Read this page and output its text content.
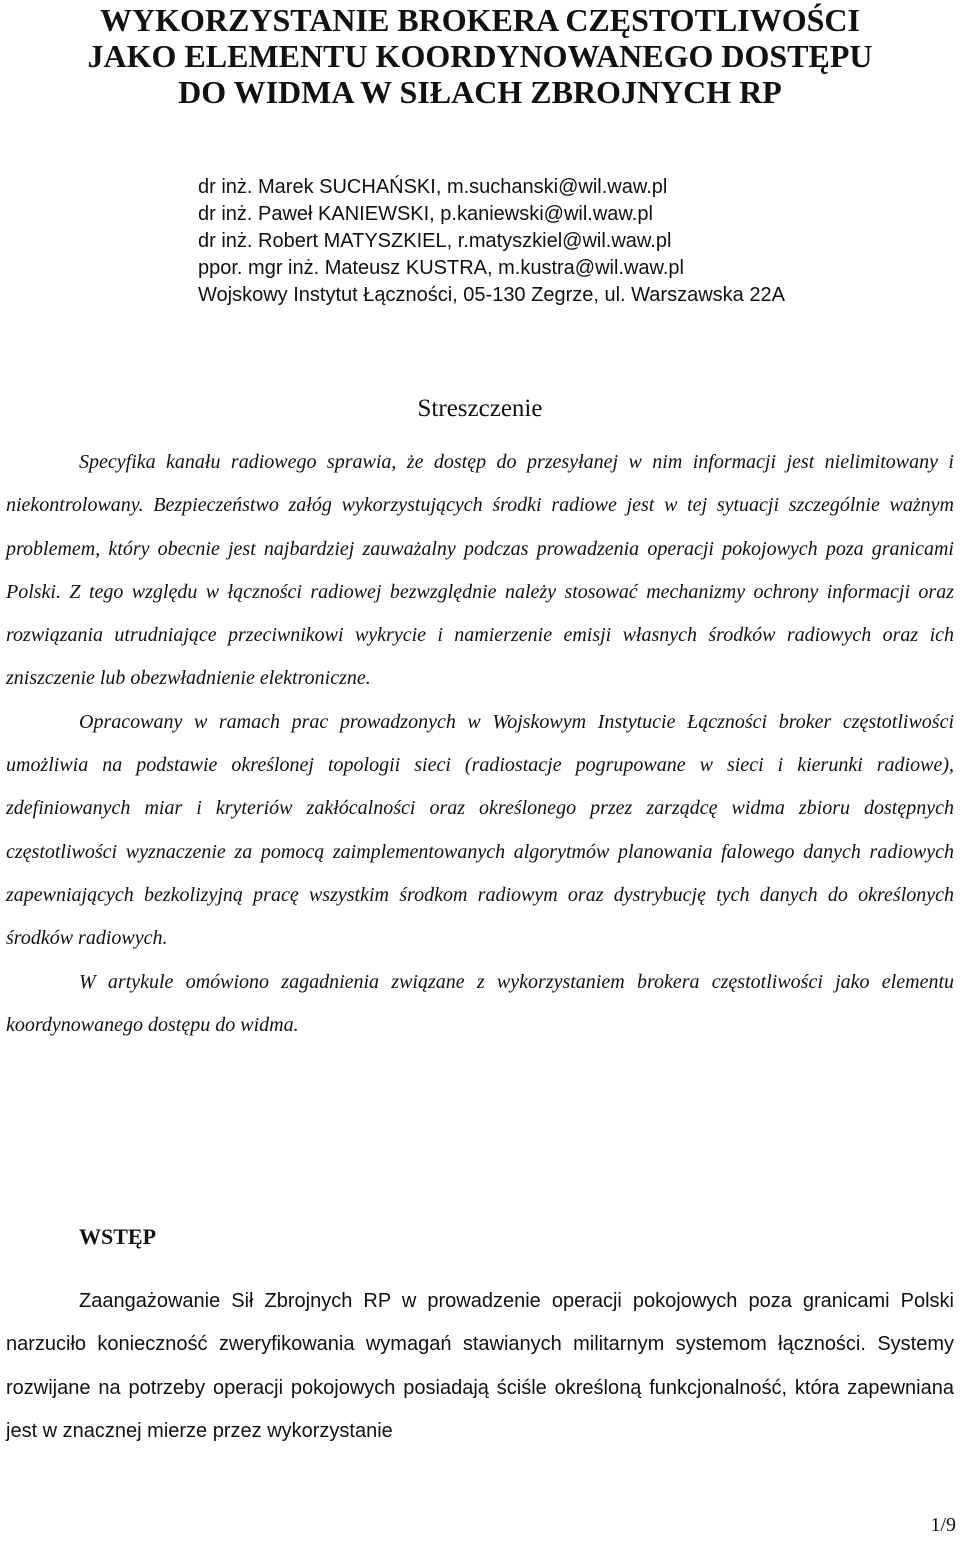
WYKORZYSTANIE BROKERA CZĘSTOTLIWOŚCI
JAKO ELEMENTU KOORDYNOWANEGO DOSTĘPU
DO WIDMA W SIŁACH ZBROJNYCH RP
dr inż. Marek SUCHAŃSKI, m.suchanski@wil.waw.pl
dr inż. Paweł KANIEWSKI, p.kaniewski@wil.waw.pl
dr inż. Robert MATYSZKIEL, r.matyszkiel@wil.waw.pl
ppor. mgr inż. Mateusz KUSTRA, m.kustra@wil.waw.pl
Wojskowy Instytut Łączności, 05-130 Zegrze, ul. Warszawska 22A
Streszczenie

Specyfika kanału radiowego sprawia, że dostęp do przesyłanej w nim informacji jest nielimitowany i niekontrolowany. Bezpieczeństwo załóg wykorzystujących środki radiowe jest w tej sytuacji szczególnie ważnym problemem, który obecnie jest najbardziej zauważalny podczas prowadzenia operacji pokojowych poza granicami Polski. Z tego względu w łączności radiowej bezwzględnie należy stosować mechanizmy ochrony informacji oraz rozwiązania utrudniające przeciwnikowi wykrycie i namierzenie emisji własnych środków radiowych oraz ich zniszczenie lub obezwładnienie elektroniczne.

Opracowany w ramach prac prowadzonych w Wojskowym Instytucie Łączności broker częstotliwości umożliwia na podstawie określonej topologii sieci (radiostacje pogrupowane w sieci i kierunki radiowe), zdefiniowanych miar i kryteriów zakłócalności oraz określonego przez zarządcę widma zbioru dostępnych częstotliwości wyznaczenie za pomocą zaimplementowanych algorytmów planowania falowego danych radiowych zapewniających bezkolizyjną pracę wszystkim środkom radiowym oraz dystrybucję tych danych do określonych środków radiowych.

W artykule omówiono zagadnienia związane z wykorzystaniem brokera częstotliwości jako elementu koordynowanego dostępu do widma.

WSTĘP

Zaangażowanie Sił Zbrojnych RP w prowadzenie operacji pokojowych poza granicami Polski narzuciło konieczność zweryfikowania wymagań stawianych militarnym systemom łączności. Systemy rozwijane na potrzeby operacji pokojowych posiadają ściśle określoną funkcjonalność, która zapewniana jest w znacznej mierze przez wykorzystanie

1/9
